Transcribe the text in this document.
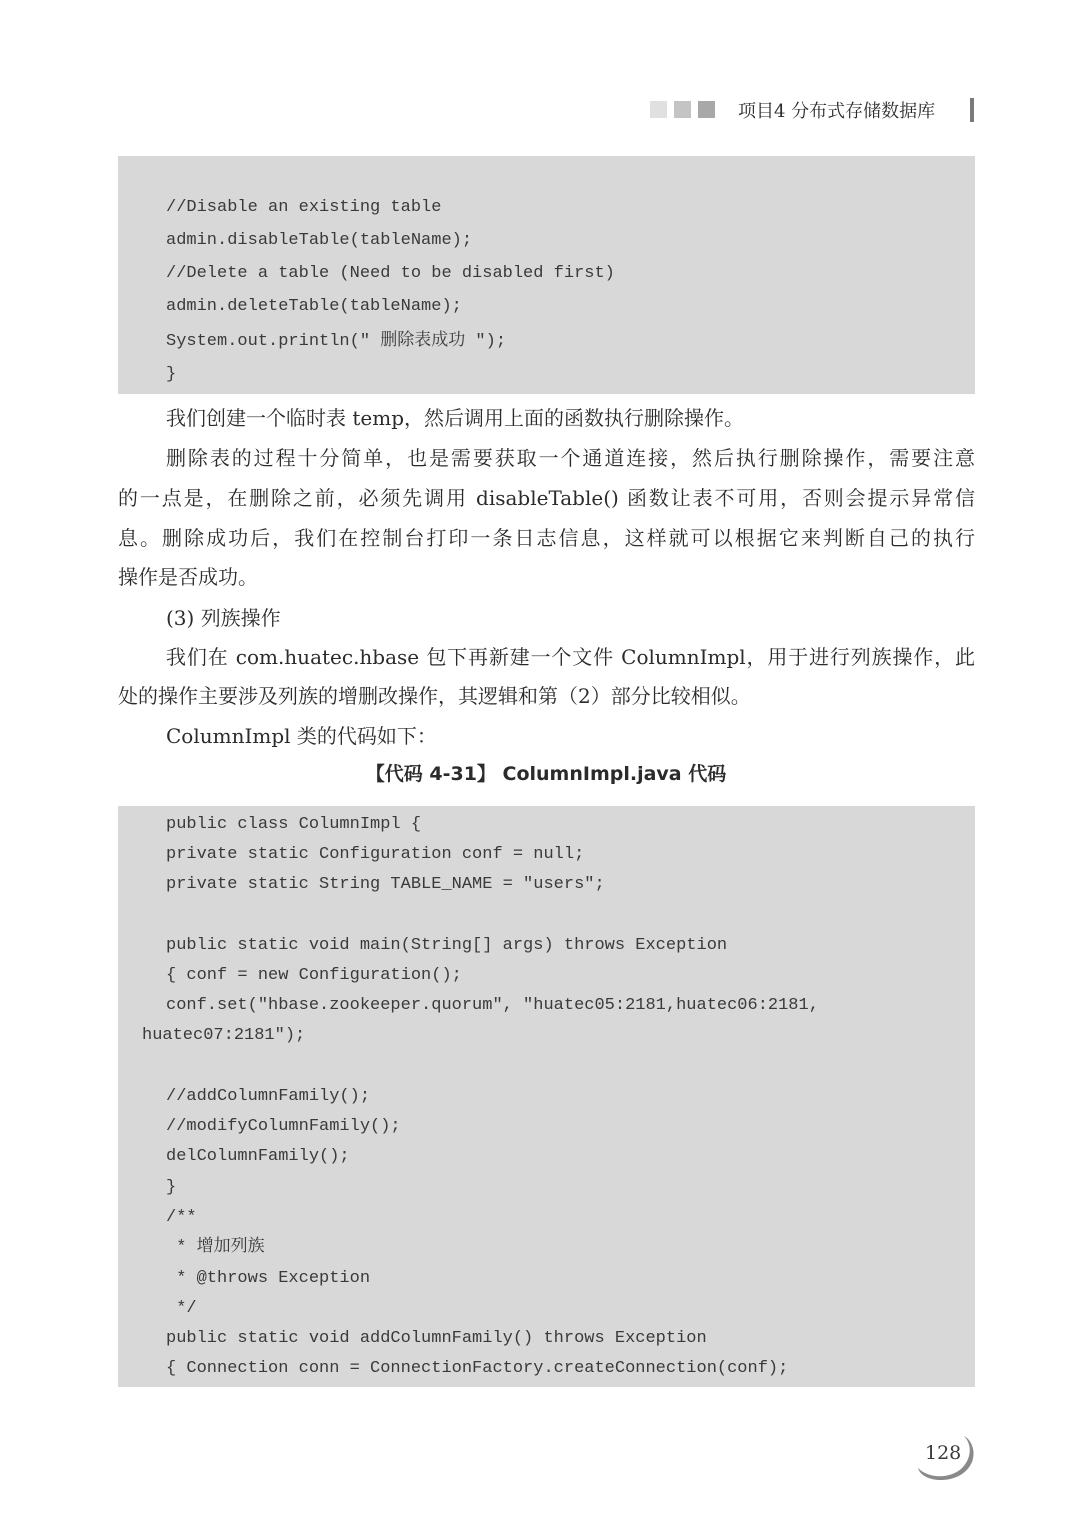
项目4 分布式存储数据库
//Disable an existing table
admin.disableTable(tableName);
//Delete a table (Need to be disabled first)
admin.deleteTable(tableName);
System.out.println(" 删除表成功 ");
}
我们创建一个临时表 temp，然后调用上面的函数执行删除操作。
删除表的过程十分简单，也是需要获取一个通道连接，然后执行删除操作，需要注意
的一点是，在删除之前，必须先调用 disableTable() 函数让表不可用，否则会提示异常信
息。删除成功后，我们在控制台打印一条日志信息，这样就可以根据它来判断自己的执行
操作是否成功。
(3) 列族操作
我们在 com.huatec.hbase 包下再新建一个文件 ColumnImpl，用于进行列族操作，此
处的操作主要涉及列族的增删改操作，其逻辑和第（2）部分比较相似。
ColumnImpl 类的代码如下：
【代码 4-31】 ColumnImpl.java 代码
public class ColumnImpl {
private static Configuration conf = null;
private static String TABLE_NAME = "users";
public static void main(String[] args) throws Exception
{ conf = new Configuration();
conf.set("hbase.zookeeper.quorum", "huatec05:2181,huatec06:2181,
huatec07:2181");
//addColumnFamily();
//modifyColumnFamily();
delColumnFamily();
}
/**
* 增加列族
* @throws Exception
*/
public static void addColumnFamily() throws Exception
{ Connection conn = ConnectionFactory.createConnection(conf);
128
